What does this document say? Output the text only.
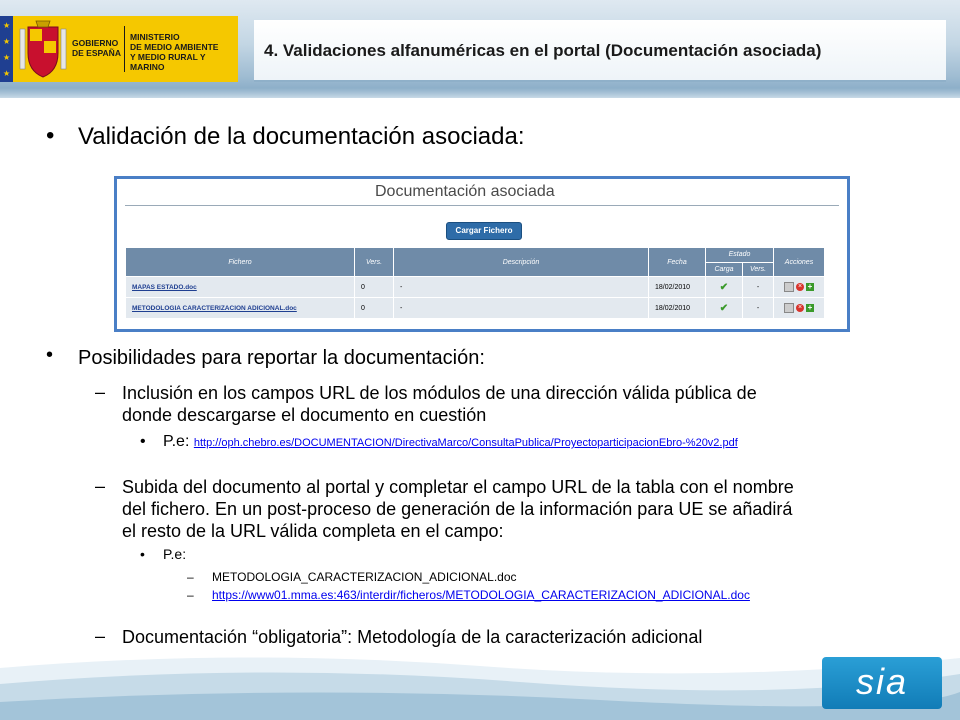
★
★
★
★
GOBIERNO
DE ESPAÑA
MINISTERIO
DE MEDIO AMBIENTE
Y MEDIO RURAL Y MARINO
4. Validaciones alfanuméricas en el portal (Documentación asociada)
• Validación de la documentación asociada:
Documentación asociada
Cargar Fichero
Fichero	Vers.	Descripción	Fecha	Estado		Acciones
				Carga	Vers.	
MAPAS ESTADO.doc	0	-	18/02/2010	✔	-	× +
METODOLOGIA CARACTERIZACION ADICIONAL.doc	0	-	18/02/2010	✔	-	× +
• Posibilidades para reportar la documentación:
– Inclusión en los campos URL de los módulos de una dirección válida pública de
donde descargarse el documento en cuestión
• P.e: http://oph.chebro.es/DOCUMENTACION/DirectivaMarco/ConsultaPublica/ProyectoparticipacionEbro-%20v2.pdf
– Subida del documento al portal y completar el campo URL de la tabla con el nombre
del fichero. En un post-proceso de generación de la información para UE se añadirá
el resto de la URL válida completa en el campo:
• P.e:
– METODOLOGIA_CARACTERIZACION_ADICIONAL.doc
– https://www01.mma.es:463/interdir/ficheros/METODOLOGIA_CARACTERIZACION_ADICIONAL.doc
– Documentación “obligatoria”: Metodología de la caracterización adicional
sia
